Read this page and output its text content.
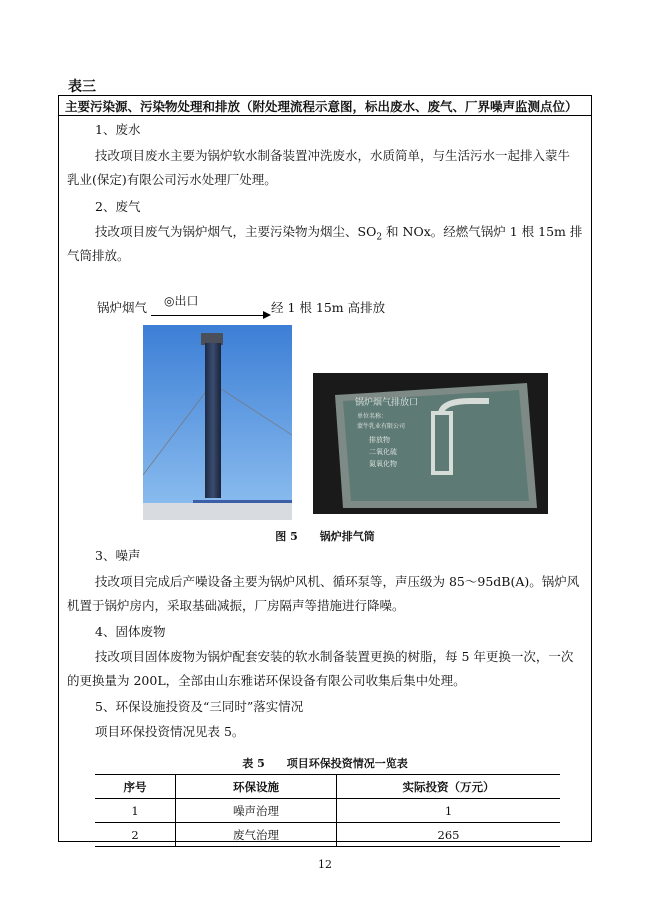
表三
主要污染源、污染物处理和排放（附处理流程示意图，标出废水、废气、厂界噪声监测点位）
1、废水
技改项目废水主要为锅炉软水制备装置冲洗废水，水质简单，与生活污水一起排入蒙牛
乳业(保定)有限公司污水处理厂处理。
2、废气
技改项目废气为锅炉烟气，主要污染物为烟尘、$SO_2$ 和 NOx。经燃气锅炉 1 根 15m 排
气筒排放。
锅炉烟气 ◎出口	经 1 根 15m 高排放
锅炉烟气排放口
单位名称：
蒙牛乳业有限公司
排放物
二氧化硫
氮氧化物
图 5　　锅炉排气筒
3、噪声
技改项目完成后产噪设备主要为锅炉风机、循环泵等，声压级为 85～95dB(A)。锅炉风
机置于锅炉房内，采取基础减振，厂房隔声等措施进行降噪。
4、固体废物
技改项目固体废物为锅炉配套安装的软水制备装置更换的树脂，每 5 年更换一次，一次
的更换量为 200L，全部由山东雅诺环保设备有限公司收集后集中处理。
5、环保设施投资及“三同时”落实情况
项目环保投资情况见表 5。
表 5　　项目环保投资情况一览表
序号	环保设施	实际投资（万元）
1	噪声治理	1
2	废气治理	265
12
